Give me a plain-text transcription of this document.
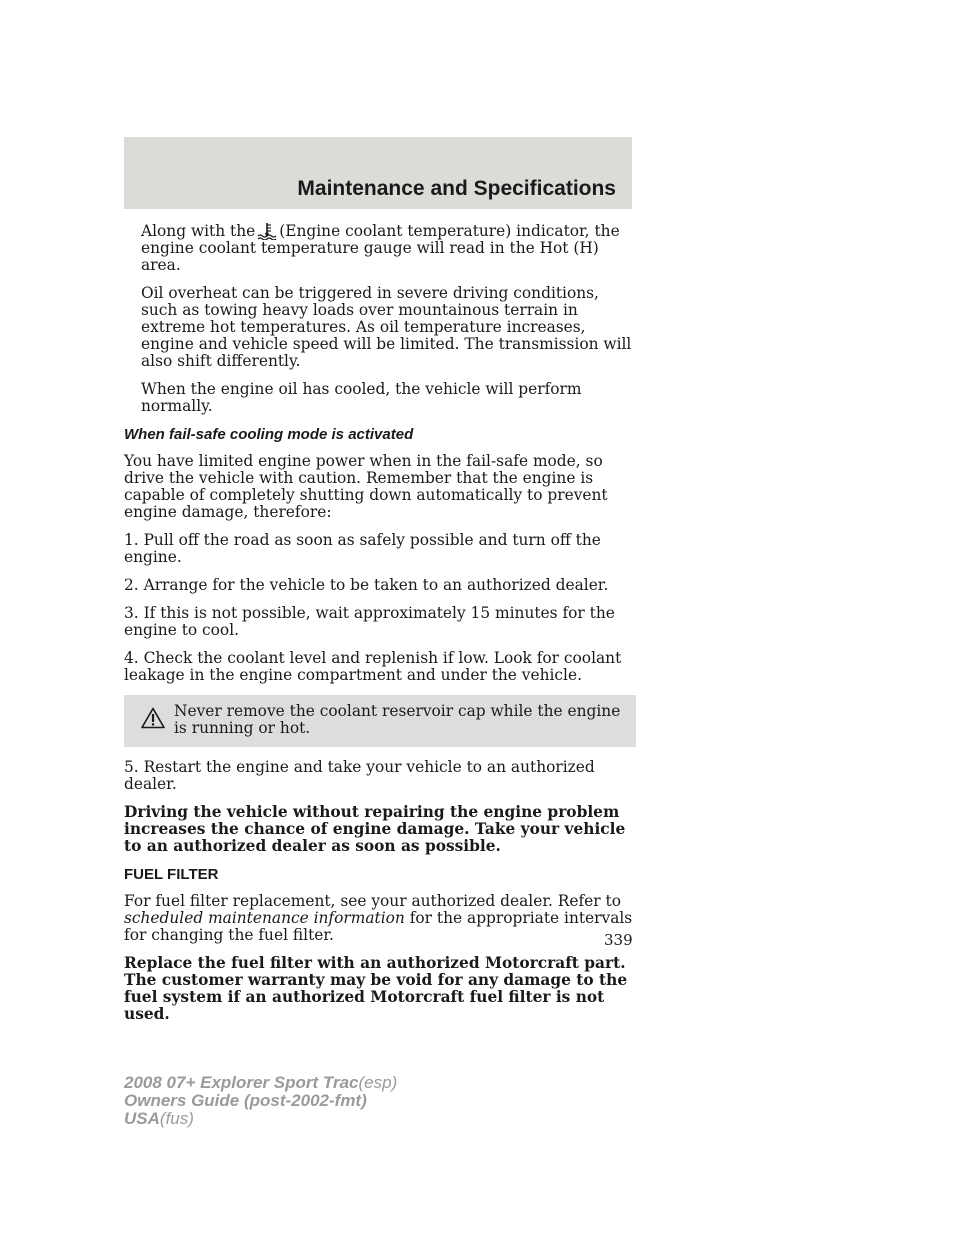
Maintenance and Specifications

Along with the (Engine coolant temperature) indicator, the engine coolant temperature gauge will read in the Hot (H) area.

Oil overheat can be triggered in severe driving conditions, such as towing heavy loads over mountainous terrain in extreme hot temperatures. As oil temperature increases, engine and vehicle speed will be limited. The transmission will also shift differently.

When the engine oil has cooled, the vehicle will perform normally.

When fail-safe cooling mode is activated

You have limited engine power when in the fail-safe mode, so drive the vehicle with caution. Remember that the engine is capable of completely shutting down automatically to prevent engine damage, therefore:

1. Pull off the road as soon as safely possible and turn off the engine.

2. Arrange for the vehicle to be taken to an authorized dealer.

3. If this is not possible, wait approximately 15 minutes for the engine to cool.

4. Check the coolant level and replenish if low. Look for coolant leakage in the engine compartment and under the vehicle.

Never remove the coolant reservoir cap while the engine is running or hot.

5. Restart the engine and take your vehicle to an authorized dealer.

Driving the vehicle without repairing the engine problem increases the chance of engine damage. Take your vehicle to an authorized dealer as soon as possible.

FUEL FILTER

For fuel filter replacement, see your authorized dealer. Refer to scheduled maintenance information for the appropriate intervals for changing the fuel filter.

Replace the fuel filter with an authorized Motorcraft part. The customer warranty may be void for any damage to the fuel system if an authorized Motorcraft fuel filter is not used.

339
2008 07+ Explorer Sport Trac(esp)
Owners Guide (post-2002-fmt)
USA(fus)
